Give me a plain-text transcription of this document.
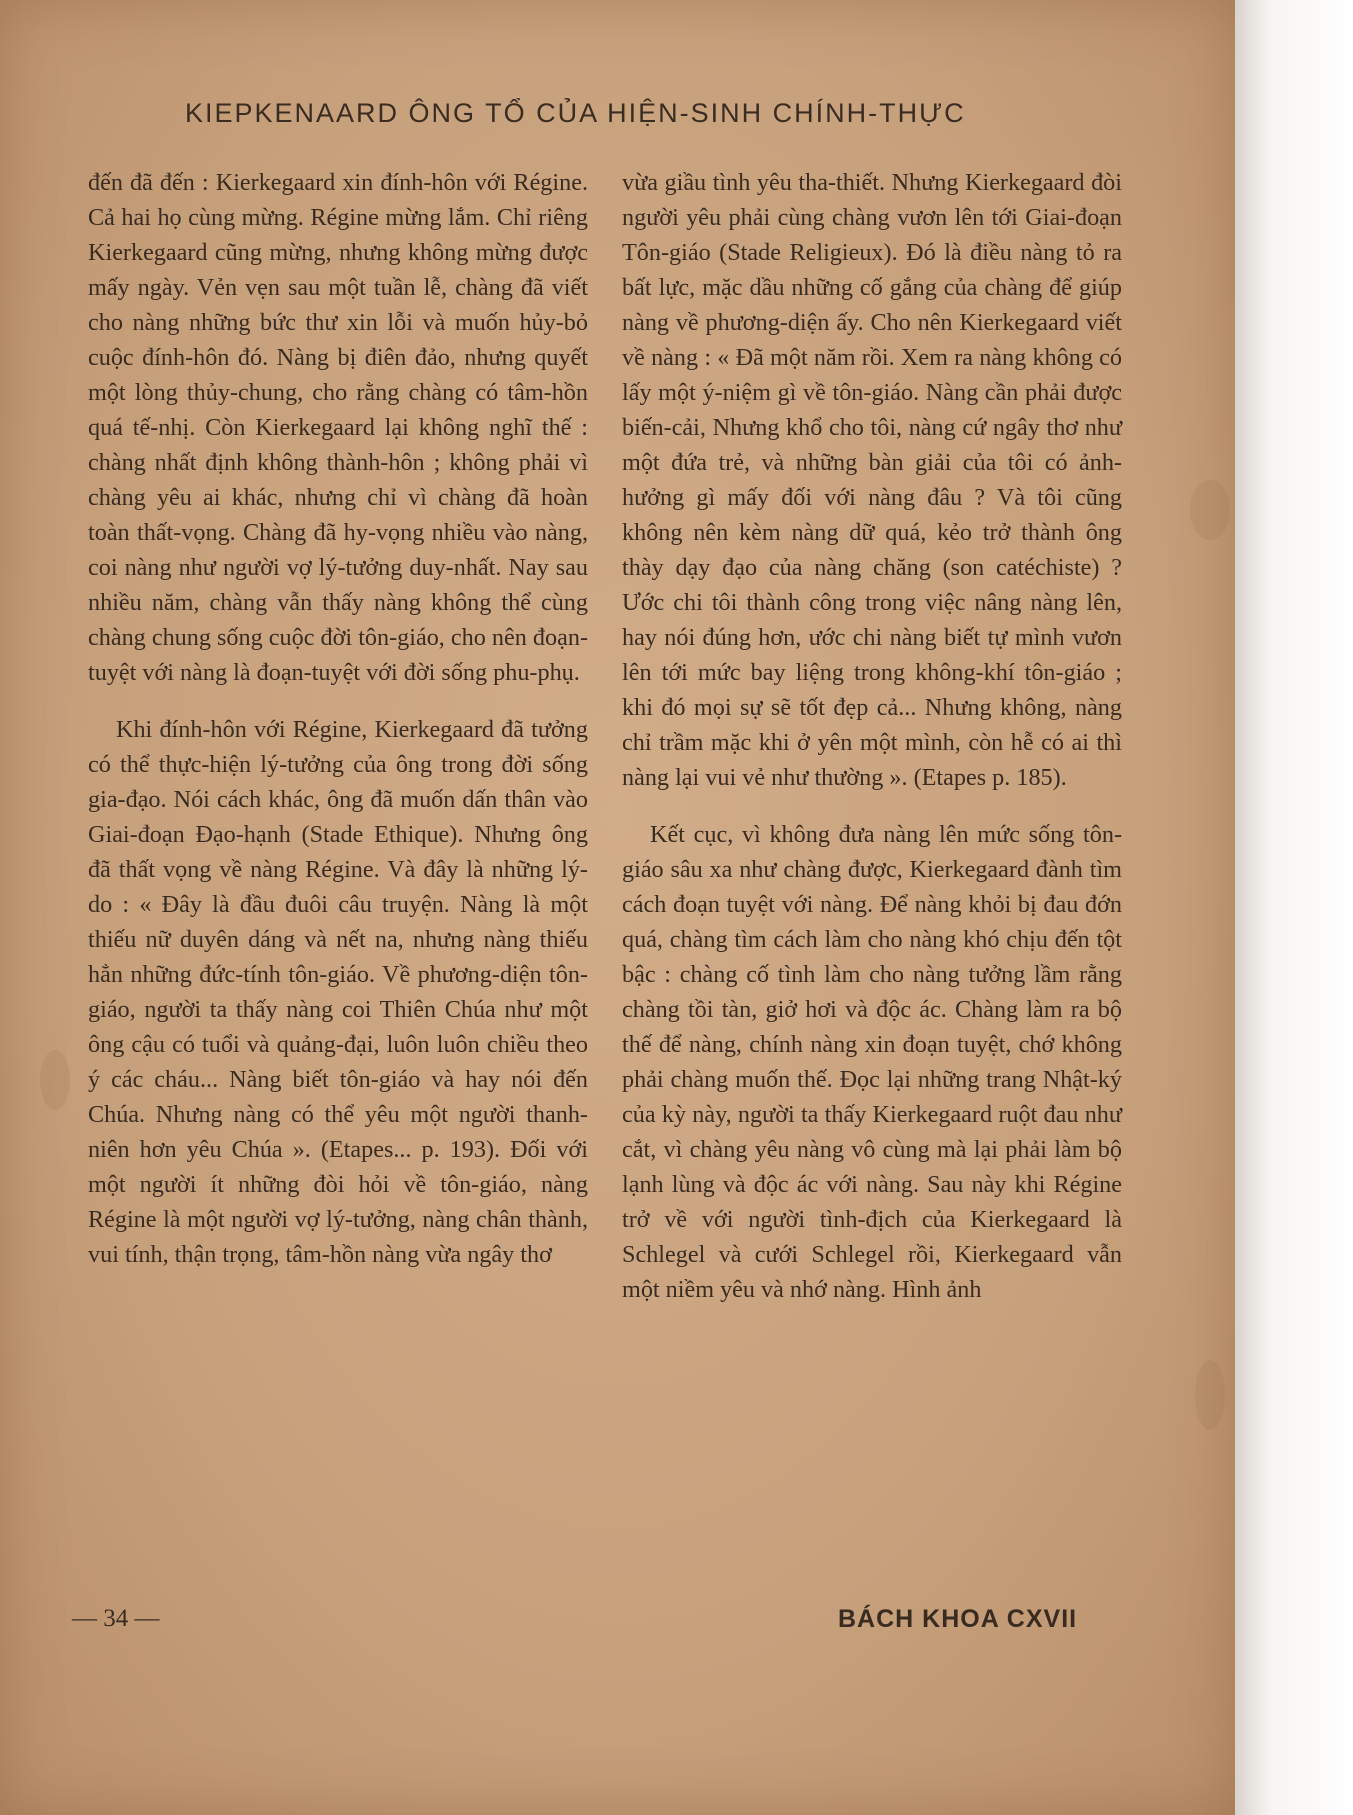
KIEPKENAARD ÔNG TỔ CỦA HIỆN-SINH CHÍNH-THỰC

đến đã đến : Kierkegaard xin đính-hôn với Régine. Cả hai họ cùng mừng. Régine mừng lắm. Chỉ riêng Kierkegaard cũng mừng, nhưng không mừng được mấy ngày. Vẻn vẹn sau một tuần lễ, chàng đã viết cho nàng những bức thư xin lỗi và muốn hủy-bỏ cuộc đính-hôn đó. Nàng bị điên đảo, nhưng quyết một lòng thủy-chung, cho rằng chàng có tâm-hồn quá tế-nhị. Còn Kierkegaard lại không nghĩ thế : chàng nhất định không thành-hôn ; không phải vì chàng yêu ai khác, nhưng chỉ vì chàng đã hoàn toàn thất-vọng. Chàng đã hy-vọng nhiều vào nàng, coi nàng như người vợ lý-tưởng duy-nhất. Nay sau nhiều năm, chàng vẫn thấy nàng không thể cùng chàng chung sống cuộc đời tôn-giáo, cho nên đoạn-tuyệt với nàng là đoạn-tuyệt với đời sống phu-phụ.

Khi đính-hôn với Régine, Kierkegaard đã tưởng có thể thực-hiện lý-tưởng của ông trong đời sống gia-đạo. Nói cách khác, ông đã muốn dấn thân vào Giai-đoạn Đạo-hạnh (Stade Ethique). Nhưng ông đã thất vọng về nàng Régine. Và đây là những lý-do : « Đây là đầu đuôi câu truyện. Nàng là một thiếu nữ duyên dáng và nết na, nhưng nàng thiếu hẳn những đức-tính tôn-giáo. Về phương-diện tôn-giáo, người ta thấy nàng coi Thiên Chúa như một ông cậu có tuổi và quảng-đại, luôn luôn chiều theo ý các cháu... Nàng biết tôn-giáo và hay nói đến Chúa. Nhưng nàng có thể yêu một người thanh-niên hơn yêu Chúa ». (Etapes... p. 193). Đối với một người ít những đòi hỏi về tôn-giáo, nàng Régine là một người vợ lý-tưởng, nàng chân thành, vui tính, thận trọng, tâm-hồn nàng vừa ngây thơ

vừa giầu tình yêu tha-thiết. Nhưng Kierkegaard đòi người yêu phải cùng chàng vươn lên tới Giai-đoạn Tôn-giáo (Stade Religieux). Đó là điều nàng tỏ ra bất lực, mặc dầu những cố gắng của chàng để giúp nàng về phương-diện ấy. Cho nên Kierkegaard viết về nàng : « Đã một năm rồi. Xem ra nàng không có lấy một ý-niệm gì về tôn-giáo. Nàng cần phải được biến-cải, Nhưng khổ cho tôi, nàng cứ ngây thơ như một đứa trẻ, và những bàn giải của tôi có ảnh-hưởng gì mấy đối với nàng đâu ? Và tôi cũng không nên kèm nàng dữ quá, kẻo trở thành ông thày dạy đạo của nàng chăng (son catéchiste) ? Ước chi tôi thành công trong việc nâng nàng lên, hay nói đúng hơn, ước chi nàng biết tự mình vươn lên tới mức bay liệng trong không-khí tôn-giáo ; khi đó mọi sự sẽ tốt đẹp cả... Nhưng không, nàng chỉ trầm mặc khi ở yên một mình, còn hễ có ai thì nàng lại vui vẻ như thường ». (Etapes p. 185).

Kết cục, vì không đưa nàng lên mức sống tôn-giáo sâu xa như chàng được, Kierkegaard đành tìm cách đoạn tuyệt với nàng. Để nàng khỏi bị đau đớn quá, chàng tìm cách làm cho nàng khó chịu đến tột bậc : chàng cố tình làm cho nàng tưởng lầm rằng chàng tồi tàn, giở hơi và độc ác. Chàng làm ra bộ thế để nàng, chính nàng xin đoạn tuyệt, chớ không phải chàng muốn thế. Đọc lại những trang Nhật-ký của kỳ này, người ta thấy Kierkegaard ruột đau như cắt, vì chàng yêu nàng vô cùng mà lại phải làm bộ lạnh lùng và độc ác với nàng. Sau này khi Régine trở về với người tình-địch của Kierkegaard là Schlegel và cưới Schlegel rồi, Kierkegaard vẫn một niềm yêu và nhớ nàng. Hình ảnh

— 34 —	BÁCH KHOA CXVII
